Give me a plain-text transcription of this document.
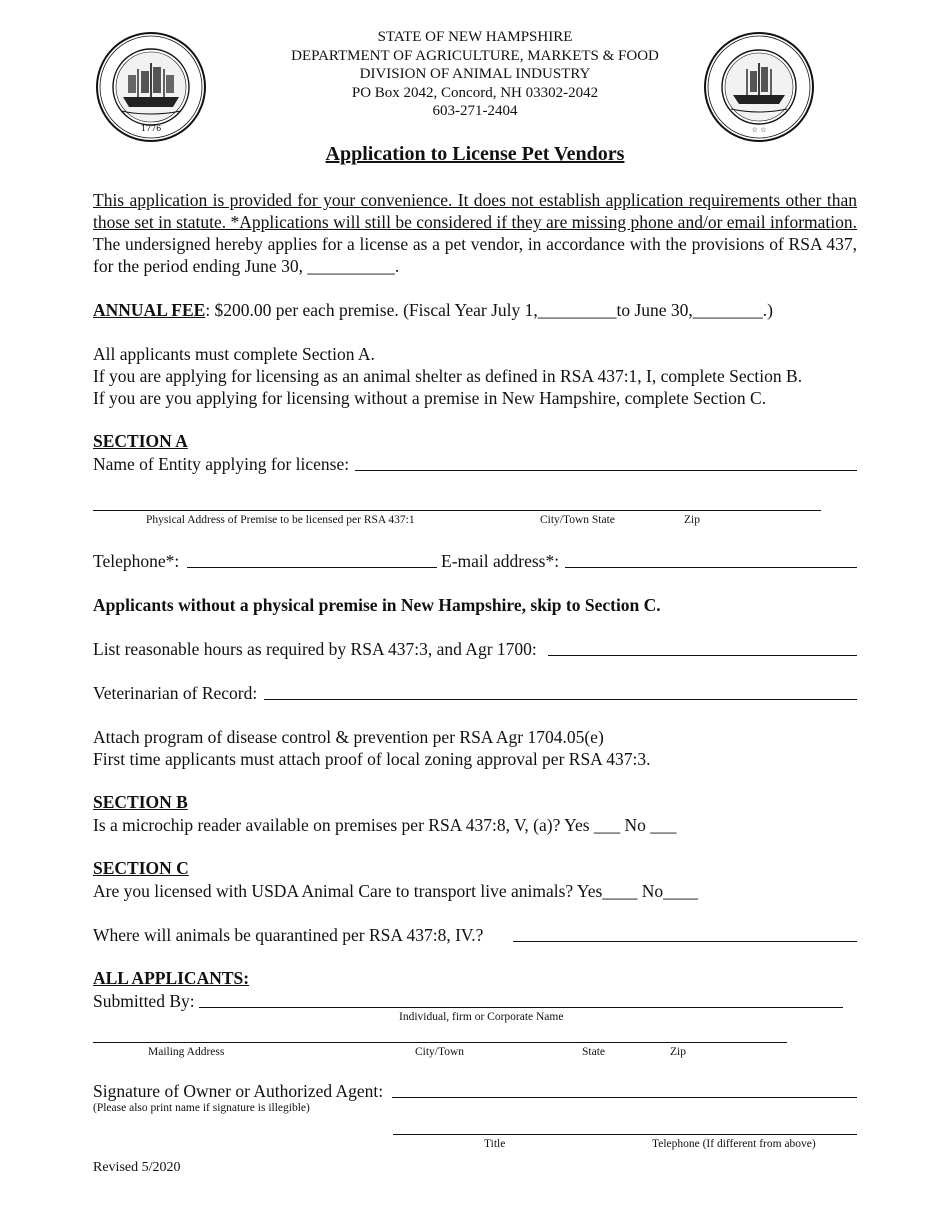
1776	☆ ☆
STATE OF NEW HAMPSHIRE
DEPARTMENT OF AGRICULTURE, MARKETS & FOOD
DIVISION OF ANIMAL INDUSTRY
PO Box 2042, Concord, NH 03302-2042
603-271-2404
Application to License Pet Vendors
This application is provided for your convenience. It does not establish application requirements other than those set in statute. *Applications will still be considered if they are missing phone and/or email information. The undersigned hereby applies for a license as a pet vendor, in accordance with the provisions of RSA 437, for the period ending June 30, __________.
ANNUAL FEE: $200.00 per each premise. (Fiscal Year July 1,_________to June 30,________.)
All applicants must complete Section A.
If you are applying for licensing as an animal shelter as defined in RSA 437:1, I, complete Section B.
If you are you applying for licensing without a premise in New Hampshire, complete Section C.
SECTION A
Name of Entity applying for license:
Physical Address of Premise to be licensed per RSA 437:1	City/Town State	Zip
Telephone*:	E-mail address*:
Applicants without a physical premise in New Hampshire, skip to Section C.
List reasonable hours as required by RSA 437:3, and Agr 1700:
Veterinarian of Record:
Attach program of disease control & prevention per RSA Agr 1704.05(e)
First time applicants must attach proof of local zoning approval per RSA 437:3.
SECTION B
Is a microchip reader available on premises per RSA 437:8, V, (a)? Yes ___ No ___
SECTION C
Are you licensed with USDA Animal Care to transport live animals? Yes____ No____
Where will animals be quarantined per RSA 437:8, IV.?
ALL APPLICANTS:
Submitted By:
Individual, firm or Corporate Name
Mailing Address	City/Town	State	Zip
Signature of Owner or Authorized Agent:
(Please also print name if signature is illegible)
Title	Telephone (If different from above)
Revised 5/2020
